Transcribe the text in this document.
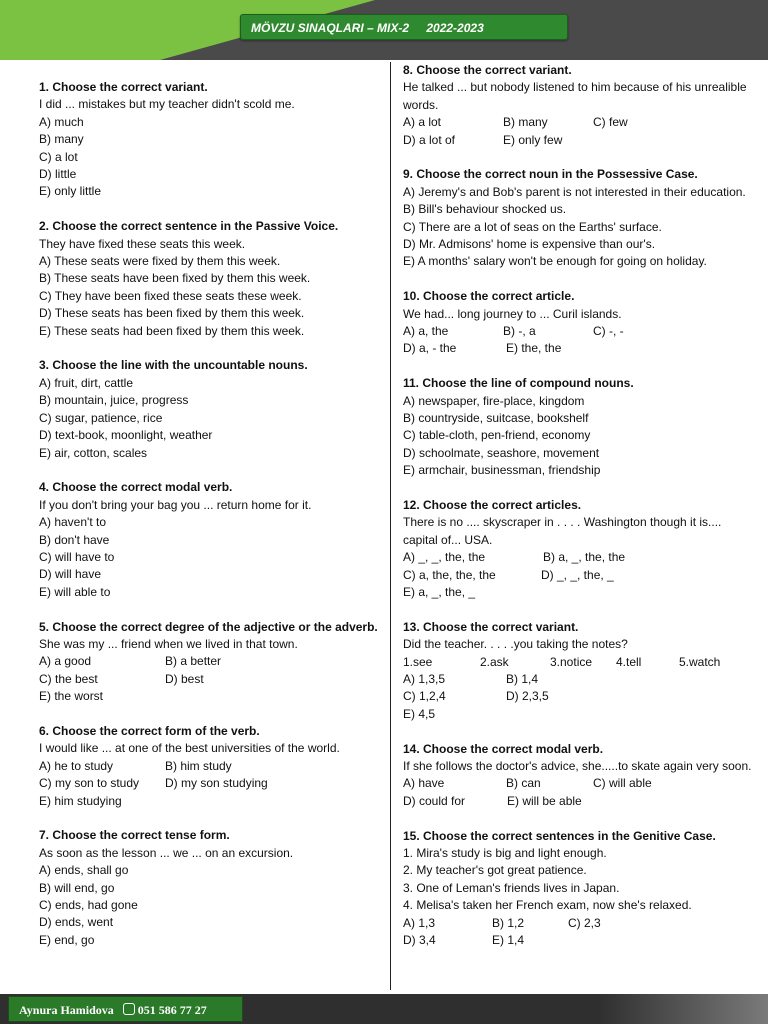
MÖVZU SINAQLARI – MIX-2 2022-2023
1. Choose the correct variant.
I did ... mistakes but my teacher didn't scold me.
A) much
B) many
C) a lot
D) little
E) only little
2. Choose the correct sentence in the Passive Voice.
They have fixed these seats this week.
A) These seats were fixed by them this week.
B) These seats have been fixed by them this week.
C) They have been fixed these seats these week.
D) These seats has been fixed by them this week.
E) These seats had been fixed by them this week.
3. Choose the line with the uncountable nouns.
A) fruit, dirt, cattle
B) mountain, juice, progress
C) sugar, patience, rice
D) text-book, moonlight, weather
E) air, cotton, scales
4. Choose the correct modal verb.
If you don't bring your bag you ... return home for it.
A) haven't to
B) don't have
C) will have to
D) will have
E) will able to
5. Choose the correct degree of the adjective or the adverb.
She was my ... friend when we lived in that town.
A) a good	B) a better
C) the best	D) best
E) the worst
6. Choose the correct form of the verb.
I would like ... at one of the best universities of the world.
A) he to study	B) him study
C) my son to study D) my son studying
E) him studying
7. Choose the correct tense form.
As soon as the lesson ... we ... on an excursion.
A) ends, shall go
B) will end, go
C) ends, had gone
D) ends, went
E) end, go
8. Choose the correct variant.
He talked ... but nobody listened to him because of his unrealible words.
A) a lot	B) many	C) few
D) a lot of	E) only few
9. Choose the correct noun in the Possessive Case.
A) Jeremy's and Bob's parent is not interested in their education.
B) Bill's behaviour shocked us.
C) There are a lot of seas on the Earths' surface.
D) Mr. Admisons' home is expensive than our's.
E) A months' salary won't be enough for going on holiday.
10. Choose the correct article.
We had... long journey to ... Curil islands.
A) a, the	B) -, a	C) -, -
D) a, - the	E) the, the
11. Choose the line of compound nouns.
A) newspaper, fire-place, kingdom
B) countryside, suitcase, bookshelf
C) table-cloth, pen-friend, economy
D) schoolmate, seashore, movement
E) armchair, businessman, friendship
12. Choose the correct articles.
There is no .... skyscraper in . . . . Washington though it is.... capital of... USA.
A) _, _, the, the	B) a, _, the, the
C) a, the, the, the	D) _, _, the, _
E) a, _, the, _
13. Choose the correct variant.
Did the teacher. . . . .you taking the notes?
1.see	2.ask	3.notice 4.tell	5.watch
A) 1,3,5	B) 1,4
C) 1,2,4	D) 2,3,5
E) 4,5
14. Choose the correct modal verb.
If she follows the doctor's advice, she.....to skate again very soon.
A) have	B) can	C) will able
D) could for	E) will be able
15. Choose the correct sentences in the Genitive Case.
1. Mira's study is big and light enough.
2. My teacher's got great patience.
3. One of Leman's friends lives in Japan.
4. Melisa's taken her French exam, now she's relaxed.
A) 1,3	B) 1,2	C) 2,3
D) 3,4	E) 1,4
Aynura Hamidova 051 586 77 27
